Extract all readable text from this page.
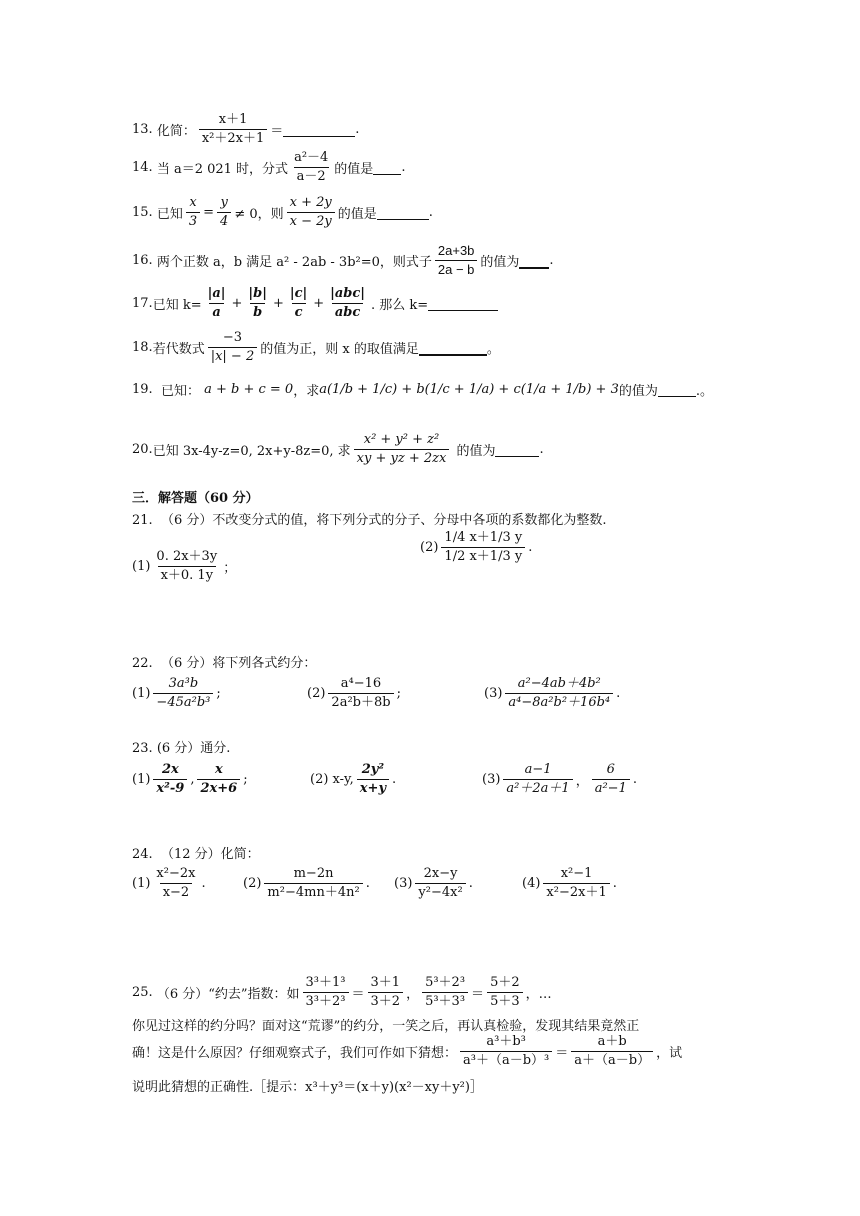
13.
化简： $\frac{x+1}{\text{x²＋2x＋1}}$ ＝	.
14.
当 a＝2 021 时，分式 $\frac{\text{a²－4}}{a-2}$ 的值是 .
15.
已知 $\frac{x}{3} = \frac{y}{4} \ne 0$，则 $\frac{x + 2y}{x - 2y}$ 的值是	.
16.
两个正数 a，b 满足 a² - 2ab - 3b²=0，则式子 $\frac{2a+3b}{2a - b}$ 的值为 .
17. 已知 $k= \frac{|a|}{a} + \frac{|b|}{b} + \frac{|c|}{c}$ +
|abc|
abc . 那么 k=
18. 若代数式 $\frac{-3}{|x| - 2}$ 的值为正，则 x 的取值满足	。
19.
已知：
a + b + c = 0 ，求 a(1/b + 1/c) + b(1/c + 1/a) + c(1/a + 1/b) + 3 的值为	.。
20. 已知 3x-4y-z=0, 2x+y-8z=0, 求 $\frac{\text{x² + y² + z²}}{xy + yz + 2zx}$
的值为	.
三．解答题（60 分）
21. （6 分）不改变分式的值，将下列分式的分子、分母中各项的系数都化为整数.
$(1) \frac{0. 2x+3y}{x+0. 1y}$ ；
$(2) \frac{1/4 x+1/3 y}{1/2 x+1/3 y}$ .
22. （6 分）将下列各式约分：
$(1) \frac{\text{3a³b}}{\text{−45a²b³}}$ ;	$(2) \frac{\text{a⁴−16}}{\text{2a²b＋8b}}$ ;	$(3) \frac{\text{a²−4ab＋4b²}}{\text{a⁴−8a²b²＋16b⁴}}$ .
23. (6 分）通分.
$(1) \frac{2x}{\text{x²-9}}$ , $\frac{x}{2x+6}$ ;	(2) x-y, $\frac{\text{2y²}}{x+y}$ .	$(3) \frac{a-1}{\text{a²＋2a＋1}}$ ， $\frac{6}{\text{a²−1}}$ .
24. （12 分）化简：
$(1) \frac{\text{x²−2x}}{x-2}$ .	$(2) \frac{m-2n}{\text{m²−4mn＋4n²}}$ . $(3) \frac{2x-y}{\text{y²−4x²}}$ .	$(4) \frac{\text{x²−1}}{\text{x²−2x＋1}}$ .
25.
（6 分）“约去”指数：如 $\frac{\text{3³＋1³}}{\text{3³＋2³}} = \frac{3+1}{3+2}$ ， $\frac{\text{5³＋2³}}{\text{5³＋3³}} = \frac{5+2}{5+3}$ ，…
你见过这样的约分吗？面对这“荒谬”的约分，一笑之后，再认真检验，发现其结果竟然正
确！这是什么原因？仔细观察式子，我们可作如下猜想： $\frac{\text{a³＋b³}}{\text{a³＋（a－b）³}} = \frac{a+b}{a+(a-b)}$ ，试
说明此猜想的正确性.［提示：x³＋y³＝(x＋y)(x²－xy＋y²)］
